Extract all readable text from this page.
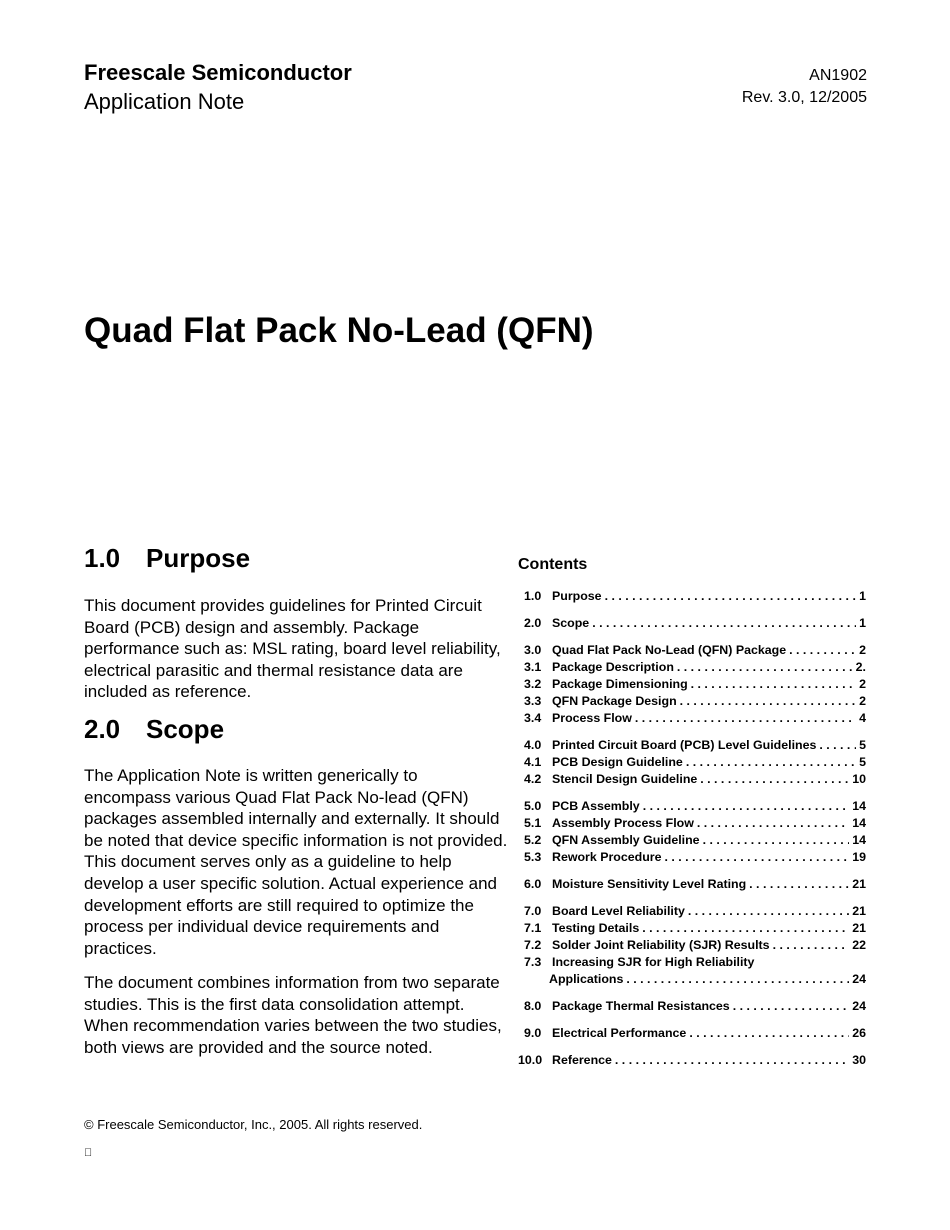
Freescale Semiconductor
Application Note
AN1902
Rev. 3.0, 12/2005
Quad Flat Pack No-Lead (QFN)
1.0 Purpose

This document provides guidelines for Printed Circuit Board (PCB) design and assembly. Package performance such as: MSL rating, board level reliability, electrical parasitic and thermal resistance data are included as reference.

2.0 Scope

The Application Note is written generically to encompass various Quad Flat Pack No-lead (QFN) packages assembled internally and externally. It should be noted that device specific information is not provided. This document serves only as a guideline to help develop a user specific solution. Actual experience and development efforts are still required to optimize the process per individual device requirements and practices.

The document combines information from two separate studies. This is the first data consolidation attempt. When recommendation varies between the two studies, both views are provided and the source noted.

Contents
1.0 Purpose . . .	1
2.0 Scope . . .	1
3.0 Quad Flat Pack No-Lead (QFN) Package . . .	2
3.1 Package Description . . .	2.
3.2 Package Dimensioning . . .	2
3.3 QFN Package Design . . .	2
3.4 Process Flow . . .	4
4.0 Printed Circuit Board (PCB) Level Guidelines . . .	5
4.1 PCB Design Guideline . . .	5
4.2 Stencil Design Guideline . . .	10
5.0 PCB Assembly . . .	14
5.1 Assembly Process Flow . . .	14
5.2 QFN Assembly Guideline . . .	14
5.3 Rework Procedure . . .	19
6.0 Moisture Sensitivity Level Rating . . .	21
7.0 Board Level Reliability . . .	21
7.1 Testing Details . . .	21
7.2 Solder Joint Reliability (SJR) Results . . .	22
7.3 Increasing SJR for High Reliability
Applications . . .	24
8.0 Package Thermal Resistances . . .	24
9.0 Electrical Performance . . .	26
10.0 Reference . . .	30
© Freescale Semiconductor, Inc., 2005. All rights reserved.
